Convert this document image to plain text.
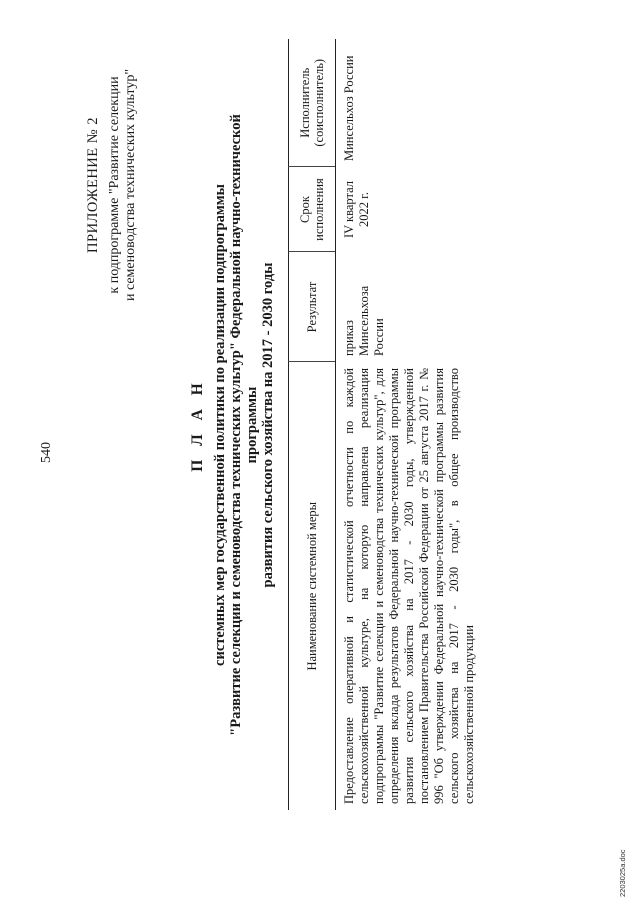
540
ПРИЛОЖЕНИЕ № 2 к подпрограмме "Развитие селекции и семеноводства технических культур"
П Л А Н системных мер государственной политики по реализации подпрограммы "Развитие селекции и семеноводства технических культур" Федеральной научно-технической программы развития сельского хозяйства на 2017 - 2030 годы Наименование системной меры	Результат	Срок исполнения	Исполнитель (соисполнитель)
Предоставление оперативной и статистической отчетности по каждой сельскохозяйственной культуре, на которую направлена реализация подпрограммы "Развитие селекции и семеноводства технических культур", для определения вклада результатов Федеральной научно-технической программы развития сельского хозяйства на 2017 - 2030 годы, утвержденной постановлением Правительства Российской Федерации от 25 августа 2017 г. № 996 "Об утверждении Федеральной научно-технической программы развития сельского хозяйства на 2017 - 2030 годы", в общее производство сельскохозяйственной продукции	приказ Минсельхоза России	IV квартал 2022 г.	Минсельхоз России
2203025а.doc
